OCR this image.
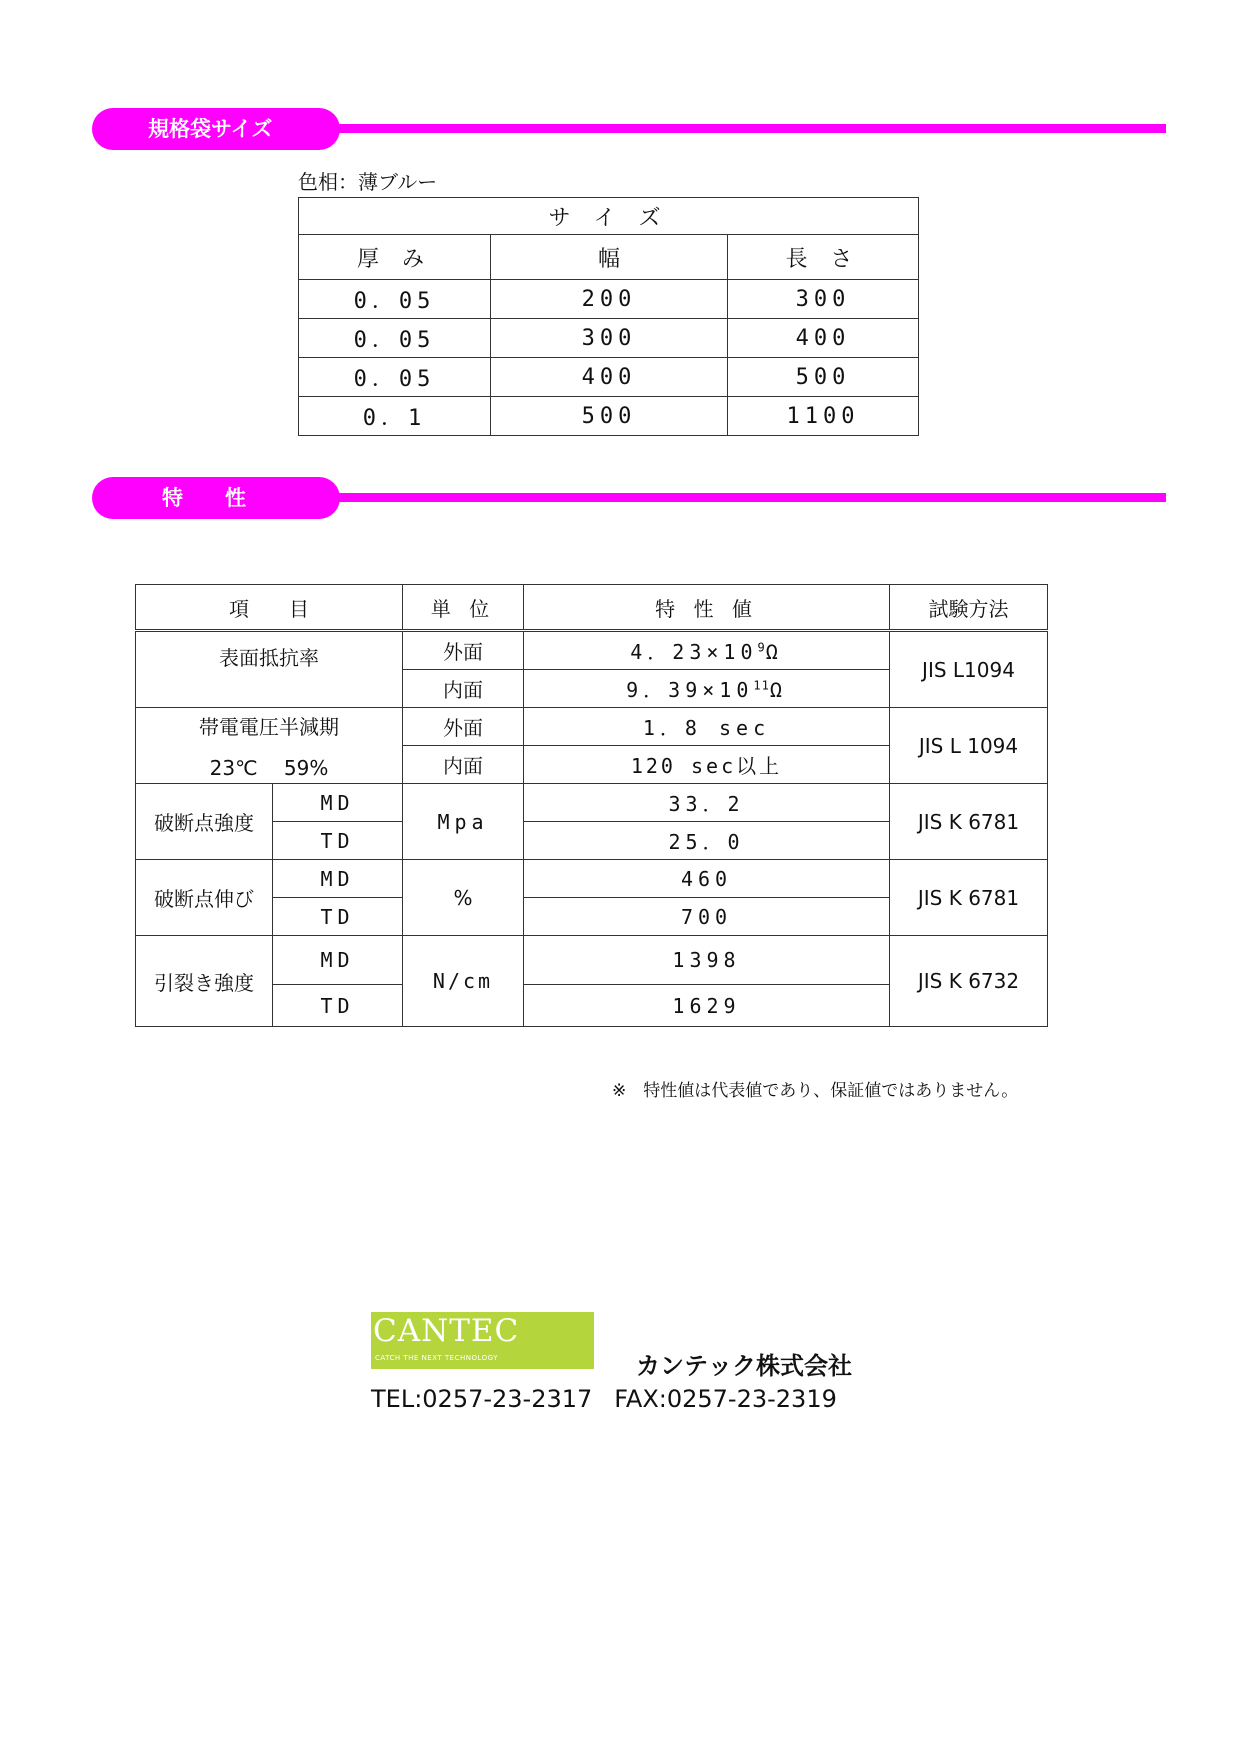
規格袋サイズ
色相：薄ブルー
サ イ ズ		
厚 み	幅	長 さ
0．05	200	300
0．05	300	400
0．05	400	500
0．1	500	1100
特　　性
項　　目		単 位	特 性 値	試験方法
表面抵抗率		外面	4．$23\times 10^9\Omega$	JIS L1094
		内面	9．$39\times 10^{11}\Omega$	

帯電電圧半減期
23℃　 59%		外面	1．8 sec	JIS L 1094
		内面	120 sec以上	
破断点強度	MD	Mpa	33．2	JIS K 6781
	TD		25．0	
破断点伸び	MD	%	460	JIS K 6781
	TD		700	
引裂き強度	MD	N/cm	1398	JIS K 6732
	TD		1629	
※　特性値は代表値であり、保証値ではありません。
CANTEC
CATCH THE NEXT TECHNOLOGY	カンテック株式会社
TEL:0257-23-2317 FAX:0257-23-2319
